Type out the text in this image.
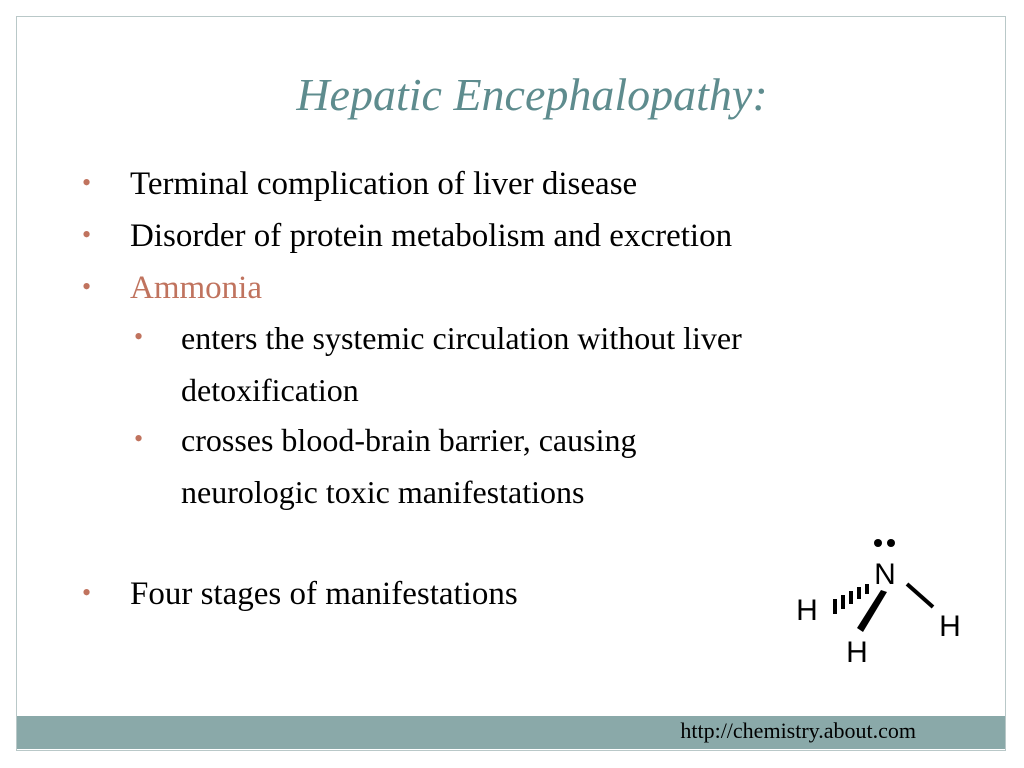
Hepatic Encephalopathy:
• Terminal complication of liver disease
• Disorder of protein metabolism and excretion
• Ammonia
• enters the systemic circulation without liver
detoxification
• crosses blood-brain barrier, causing
neurologic toxic manifestations
• Four stages of manifestations
N
H
H
H
http://chemistry.about.com
